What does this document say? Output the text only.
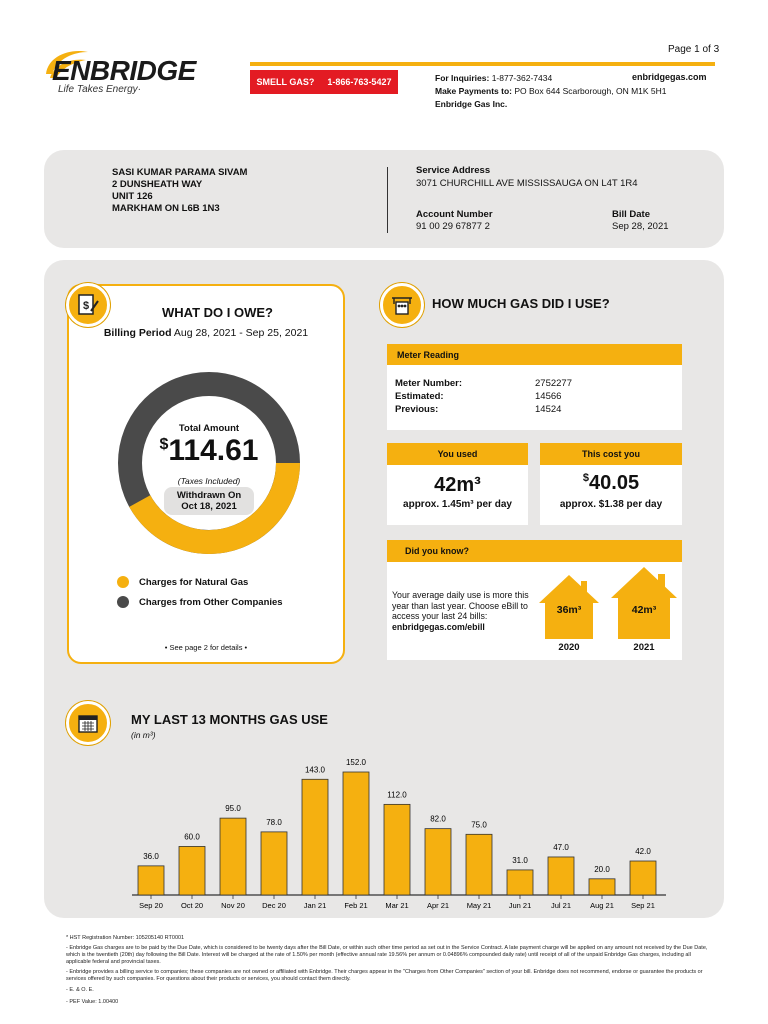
ENBRIDGE
Life Takes Energy·
Page 1 of 3
SMELL GAS? 1-866-763-5427	For Inquiries: 1-877-362-7434
Make Payments to: PO Box 644 Scarborough, ON M1K 5H1
Enbridge Gas Inc.
enbridgegas.com
SASI KUMAR PARAMA SIVAM
2 DUNSHEATH WAY
UNIT 126
MARKHAM ON L6B 1N3
Service Address
3071 CHURCHILL AVE MISSISSAUGA ON L4T 1R4
Account Number
91 00 29 67877 2
Bill Date
Sep 28, 2021
$	WHAT DO I OWE?
Billing Period Aug 28, 2021 - Sep 25, 2021
Total Amount
$114.61
(Taxes Included)
Withdrawn On
Oct 18, 2021
Charges for Natural Gas
Charges from Other Companies
• See page 2 for details •
HOW MUCH GAS DID I USE?
Meter Reading
Meter Number:
Estimated:
Previous:
2752277
14566
14524
You used
42m³
approx. 1.45m³ per day
This cost you
$40.05
approx. $1.38 per day
Did you know?
Your average daily use is more this year than last year. Choose eBill to access your last 24 bills:
enbridgegas.com/ebill
36m³
2020
42m³
2021
MY LAST 13 MONTHS GAS USE
(in m³)
36.0
Sep 20
60.0
Oct 20
95.0
Nov 20
78.0
Dec 20
143.0
Jan 21
152.0
Feb 21
112.0
Mar 21
82.0
Apr 21
75.0
May 21
31.0
Jun 21
47.0
Jul 21
20.0
Aug 21
42.0
Sep 21
* HST Registration Number: 105205140 RT0001
- Enbridge Gas charges are to be paid by the Due Date, which is considered to be twenty days after the Bill Date, or within such other time period as set out in the Service Contract. A late payment charge will be applied on any amount not received by the Due Date, which is the twentieth (20th) day following the Bill Date. Interest will be charged at the rate of 1.50% per month (effective annual rate 19.56% per annum or 0.04896% compounded daily rate) until receipt of all of the unpaid Enbridge Gas charges, including all applicable federal and provincial taxes.
- Enbridge provides a billing service to companies; these companies are not owned or affiliated with Enbridge. Their charges appear in the "Charges from Other Companies" section of your bill. Enbridge does not recommend, endorse or guarantee the products or services offered by such companies. For questions about their products or services, you should contact them directly.
- E. & O. E.
- PEF Value: 1.00400
